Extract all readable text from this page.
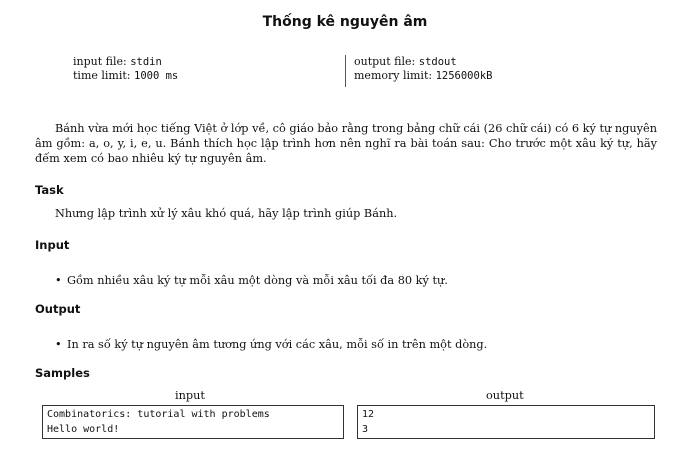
Thống kê nguyên âm
input file: stdin
time limit: 1000 ms
output file: stdout
memory limit: 1256000kB
Bánh vừa mới học tiếng Việt ở lớp về, cô giáo bảo rằng trong bảng chữ cái (26 chữ cái) có 6 ký tự nguyên âm gồm: a, o, y, i, e, u. Bánh thích học lập trình hơn nên nghĩ ra bài toán sau: Cho trước một xâu ký tự, hãy đếm xem có bao nhiêu ký tự nguyên âm.
Task
Nhưng lập trình xử lý xâu khó quá, hãy lập trình giúp Bánh.
Input
• Gồm nhiều xâu ký tự mỗi xâu một dòng và mỗi xâu tối đa 80 ký tự.
Output
• In ra số ký tự nguyên âm tương ứng với các xâu, mỗi số in trên một dòng.
Samples
input	output
Combinatorics: tutorial with problems
Hello world!
12
3
